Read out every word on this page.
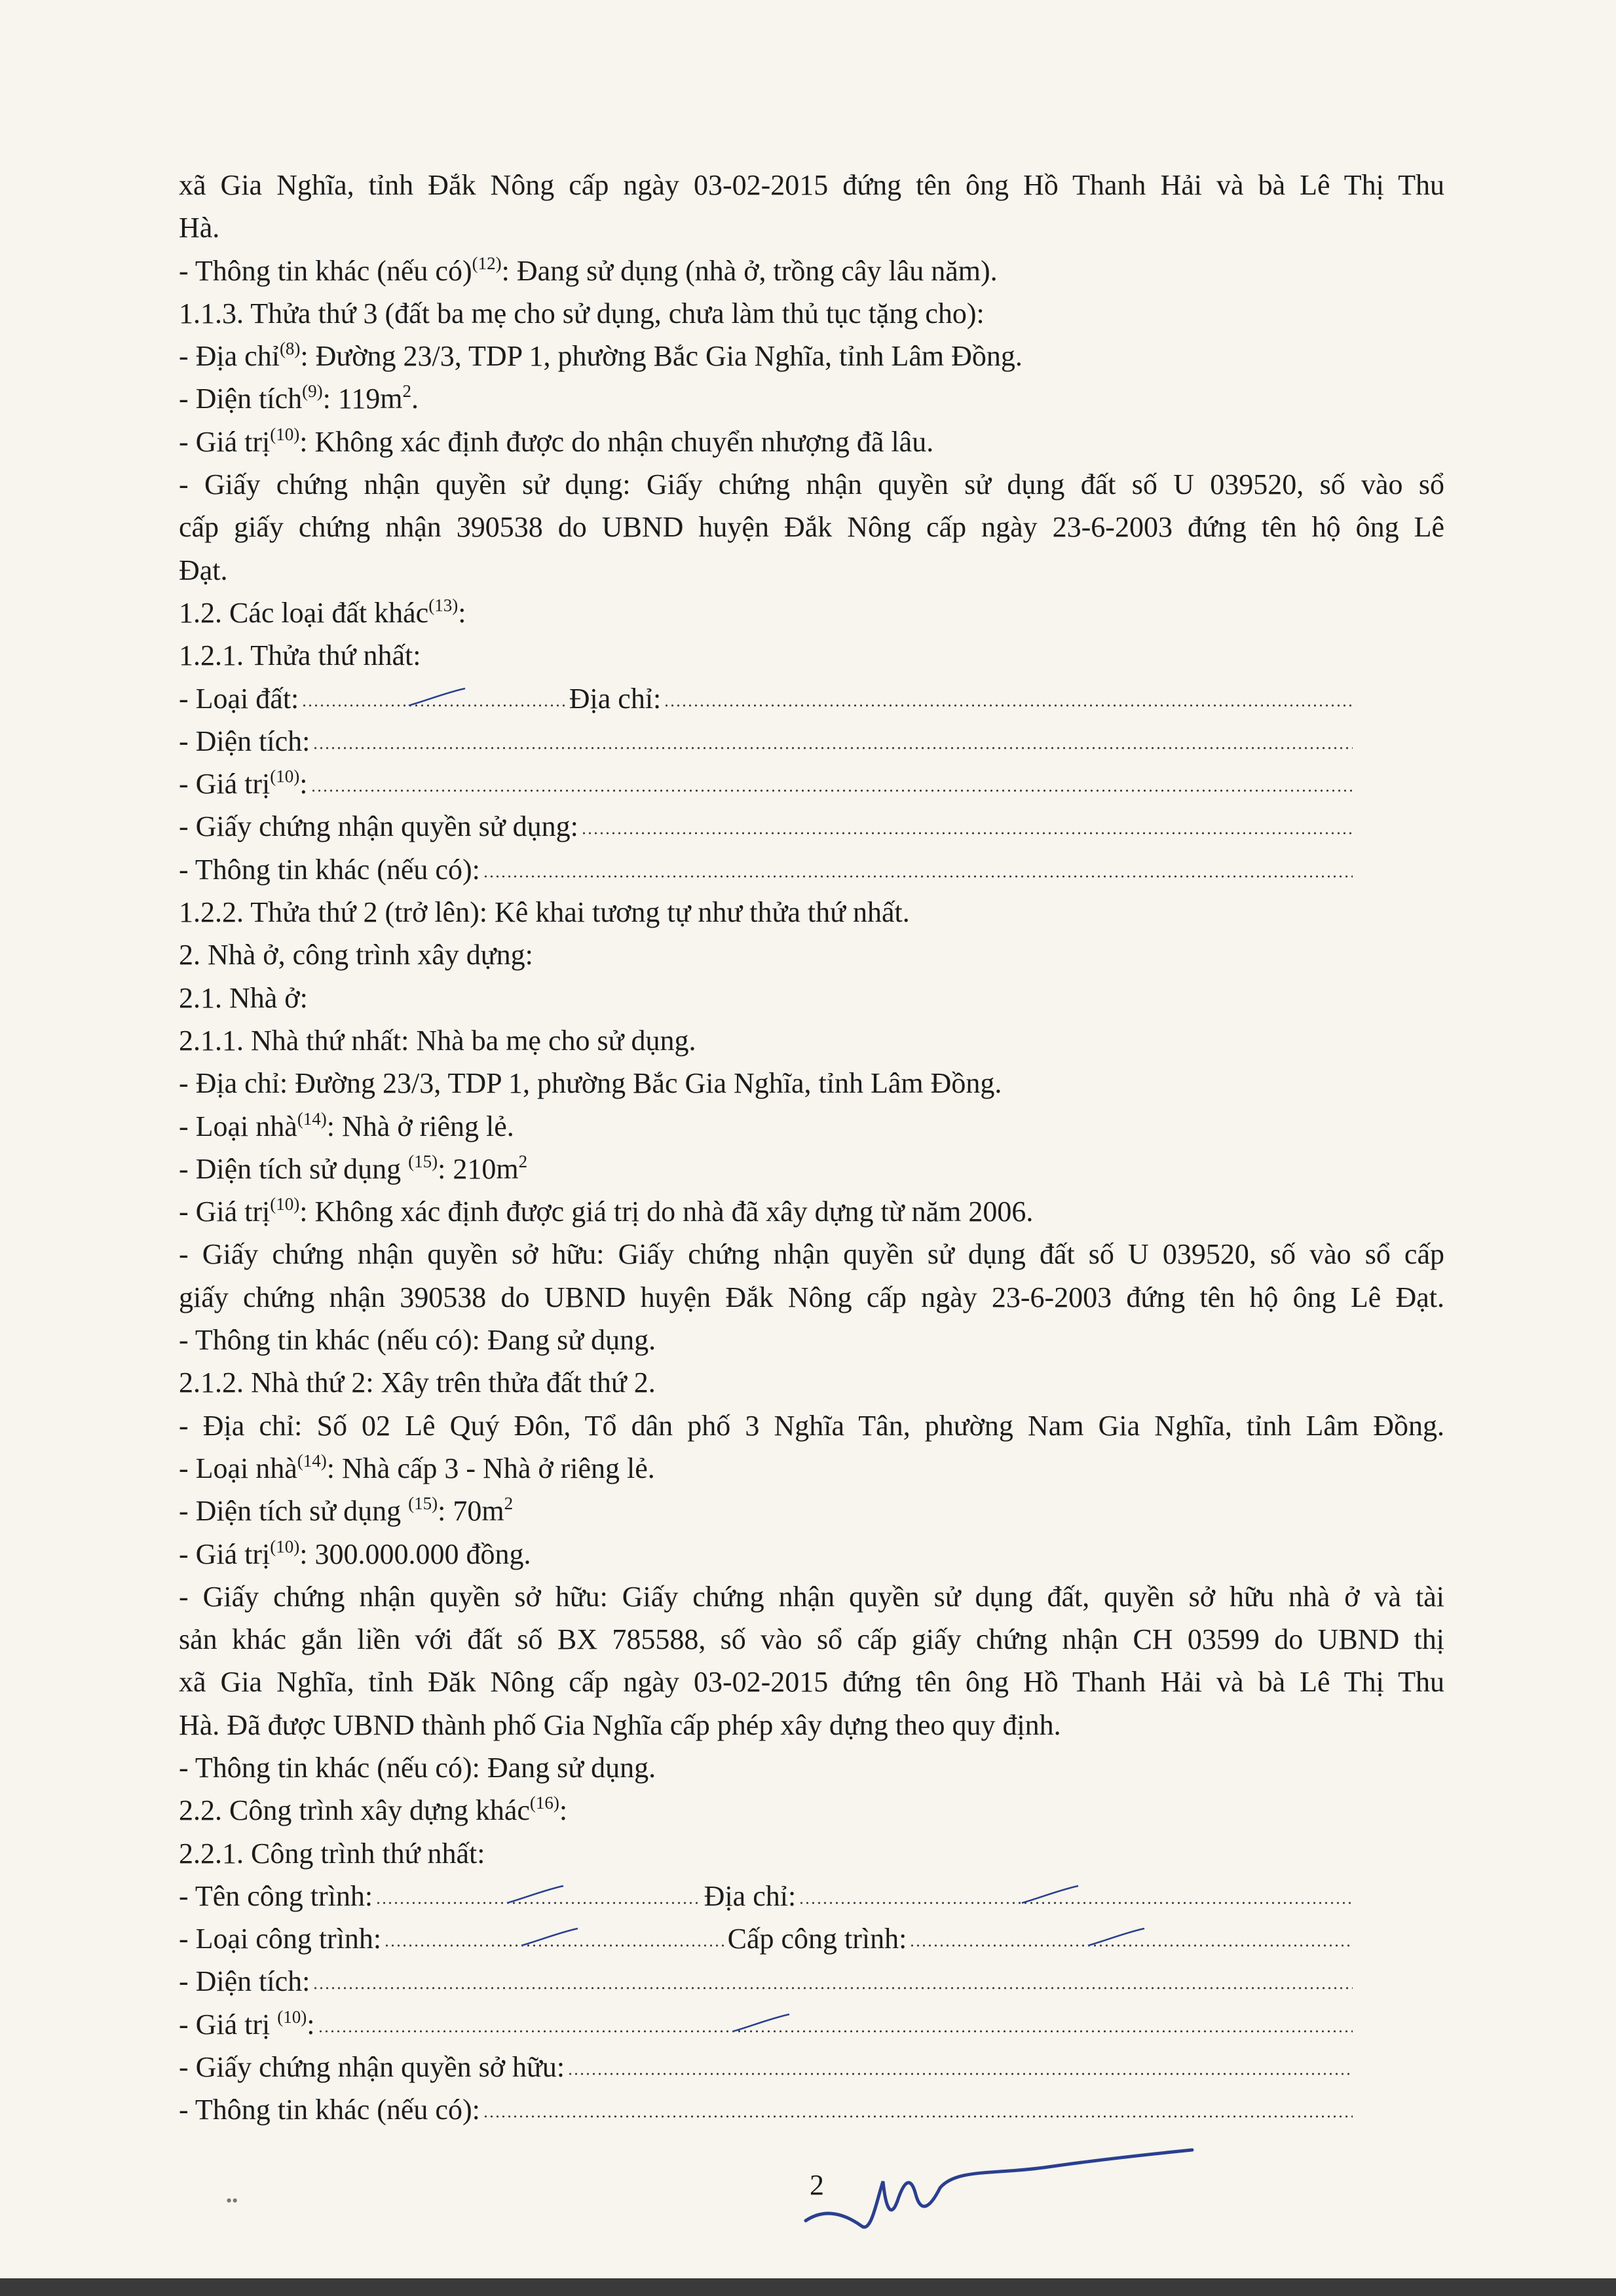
xã Gia Nghĩa, tỉnh Đắk Nông cấp ngày 03-02-2015 đứng tên ông Hồ Thanh Hải và bà Lê Thị Thu
Hà.
- Thông tin khác (nếu có)$^{(12)}$ : Đang sử dụng (nhà ở, trồng cây lâu năm).
1.1.3. Thửa thứ 3 (đất ba mẹ cho sử dụng, chưa làm thủ tục tặng cho):
- Địa chỉ$^{(8)}$ : Đường 23/3, TDP 1, phường Bắc Gia Nghĩa, tỉnh Lâm Đồng.
- Diện tích$^{(9)}$ : $119m^2$ .
- Giá trị$^{(10)}$ : Không xác định được do nhận chuyển nhượng đã lâu.
- Giấy chứng nhận quyền sử dụng: Giấy chứng nhận quyền sử dụng đất số U 039520, số vào sổ
cấp giấy chứng nhận 390538 do UBND huyện Đắk Nông cấp ngày 23-6-2003 đứng tên hộ ông Lê
Đạt.
1.2. Các loại đất khác$^{(13)}$ :
1.2.1. Thửa thứ nhất:
- Loại đất:	Địa chỉ:
- Diện tích:
- Giá trị$^{(10)}$ :
- Giấy chứng nhận quyền sử dụng:
- Thông tin khác (nếu có):
1.2.2. Thửa thứ 2 (trở lên): Kê khai tương tự như thửa thứ nhất.
2. Nhà ở, công trình xây dựng:
2.1. Nhà ở:
2.1.1. Nhà thứ nhất: Nhà ba mẹ cho sử dụng.
- Địa chỉ: Đường 23/3, TDP 1, phường Bắc Gia Nghĩa, tỉnh Lâm Đồng.
- Loại nhà$^{(14)}$ : Nhà ở riêng lẻ.
- Diện tích sử dụng $^{(15)}$ : $210m^2$
- Giá trị$^{(10)}$ : Không xác định được giá trị do nhà đã xây dựng từ năm 2006.
- Giấy chứng nhận quyền sở hữu: Giấy chứng nhận quyền sử dụng đất số U 039520, số vào sổ cấp
giấy chứng nhận 390538 do UBND huyện Đắk Nông cấp ngày 23-6-2003 đứng tên hộ ông Lê Đạt.
- Thông tin khác (nếu có): Đang sử dụng.
2.1.2. Nhà thứ 2: Xây trên thửa đất thứ 2.
- Địa chỉ: Số 02 Lê Quý Đôn, Tổ dân phố 3 Nghĩa Tân, phường Nam Gia Nghĩa, tỉnh Lâm Đồng.
- Loại nhà$^{(14)}$ : Nhà cấp 3 - Nhà ở riêng lẻ.
- Diện tích sử dụng $^{(15)}$ : $70m^2$
- Giá trị$^{(10)}$ : 300.000.000 đồng.
- Giấy chứng nhận quyền sở hữu: Giấy chứng nhận quyền sử dụng đất, quyền sở hữu nhà ở và tài
sản khác gắn liền với đất số BX 785588, số vào sổ cấp giấy chứng nhận CH 03599 do UBND thị
xã Gia Nghĩa, tỉnh Đăk Nông cấp ngày 03-02-2015 đứng tên ông Hồ Thanh Hải và bà Lê Thị Thu
Hà. Đã được UBND thành phố Gia Nghĩa cấp phép xây dựng theo quy định.
- Thông tin khác (nếu có): Đang sử dụng.
2.2. Công trình xây dựng khác$^{(16)}$ :
2.2.1. Công trình thứ nhất:
- Tên công trình:	Địa chỉ:
- Loại công trình:	Cấp công trình:
- Diện tích:
- Giá trị $^{(10)}$ :
- Giấy chứng nhận quyền sở hữu:
- Thông tin khác (nếu có):
2
••
